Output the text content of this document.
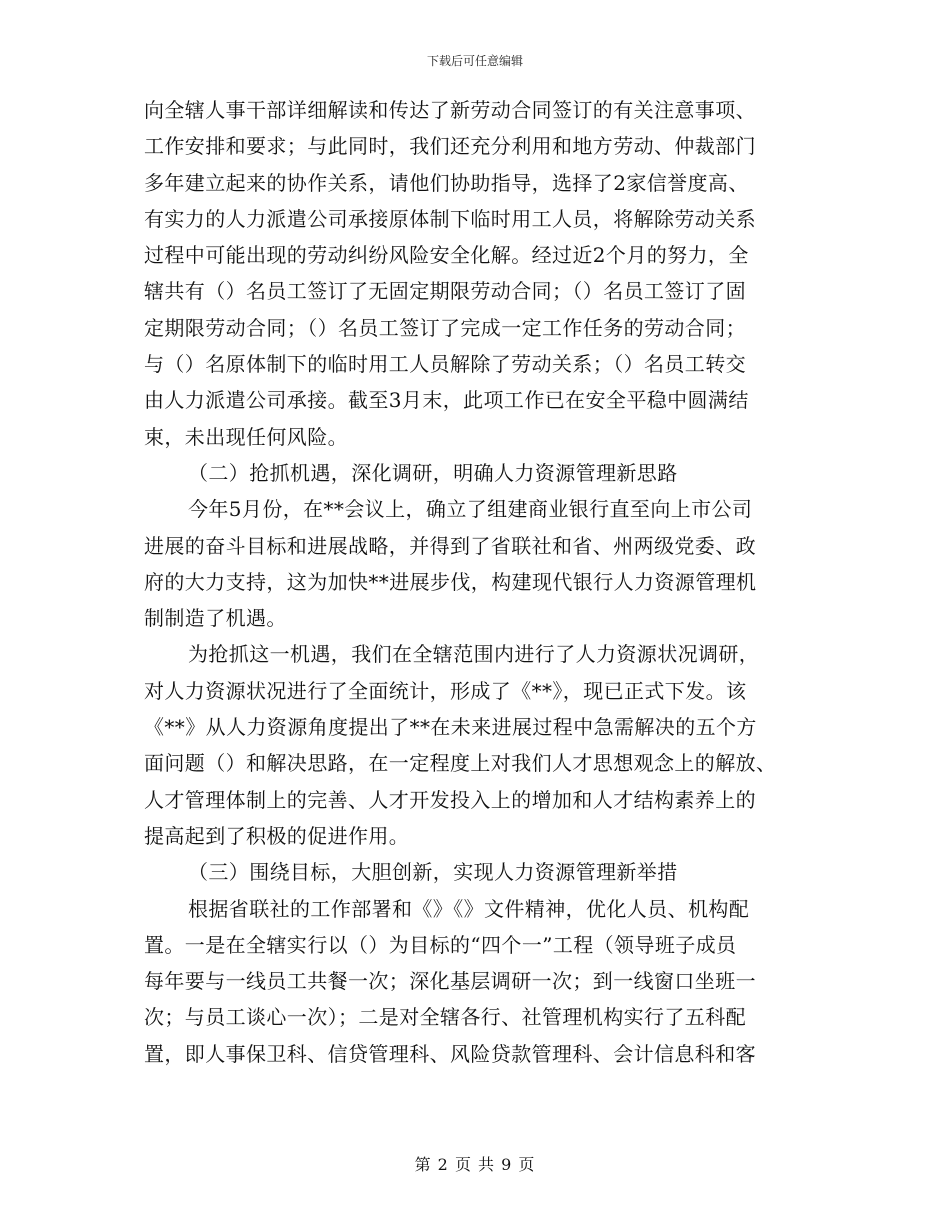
下载后可任意编辑
向全辖人事干部详细解读和传达了新劳动合同签订的有关注意事项、
工作安排和要求；与此同时，我们还充分利用和地方劳动、仲裁部门
多年建立起来的协作关系，请他们协助指导，选择了2家信誉度高、
有实力的人力派遣公司承接原体制下临时用工人员，将解除劳动关系
过程中可能出现的劳动纠纷风险安全化解。经过近2个月的努力，全
辖共有（）名员工签订了无固定期限劳动合同；（）名员工签订了固
定期限劳动合同；（）名员工签订了完成一定工作任务的劳动合同；
与（）名原体制下的临时用工人员解除了劳动关系；（）名员工转交
由人力派遣公司承接。截至3月末，此项工作已在安全平稳中圆满结
束，未出现任何风险。
（二）抢抓机遇，深化调研，明确人力资源管理新思路
今年5月份，在**会议上，确立了组建商业银行直至向上市公司
进展的奋斗目标和进展战略，并得到了省联社和省、州两级党委、政
府的大力支持，这为加快**进展步伐，构建现代银行人力资源管理机
制制造了机遇。
为抢抓这一机遇，我们在全辖范围内进行了人力资源状况调研，
对人力资源状况进行了全面统计，形成了《**》，现已正式下发。该
《**》从人力资源角度提出了**在未来进展过程中急需解决的五个方
面问题（）和解决思路，在一定程度上对我们人才思想观念上的解放、
人才管理体制上的完善、人才开发投入上的增加和人才结构素养上的
提高起到了积极的促进作用。
（三）围绕目标，大胆创新，实现人力资源管理新举措
根据省联社的工作部署和《》《》文件精神，优化人员、机构配
置。一是在全辖实行以（）为目标的“四个一”工程（领导班子成员
每年要与一线员工共餐一次；深化基层调研一次；到一线窗口坐班一
次；与员工谈心一次）；二是对全辖各行、社管理机构实行了五科配
置，即人事保卫科、信贷管理科、风险贷款管理科、会计信息科和客
第 2 页 共 9 页
